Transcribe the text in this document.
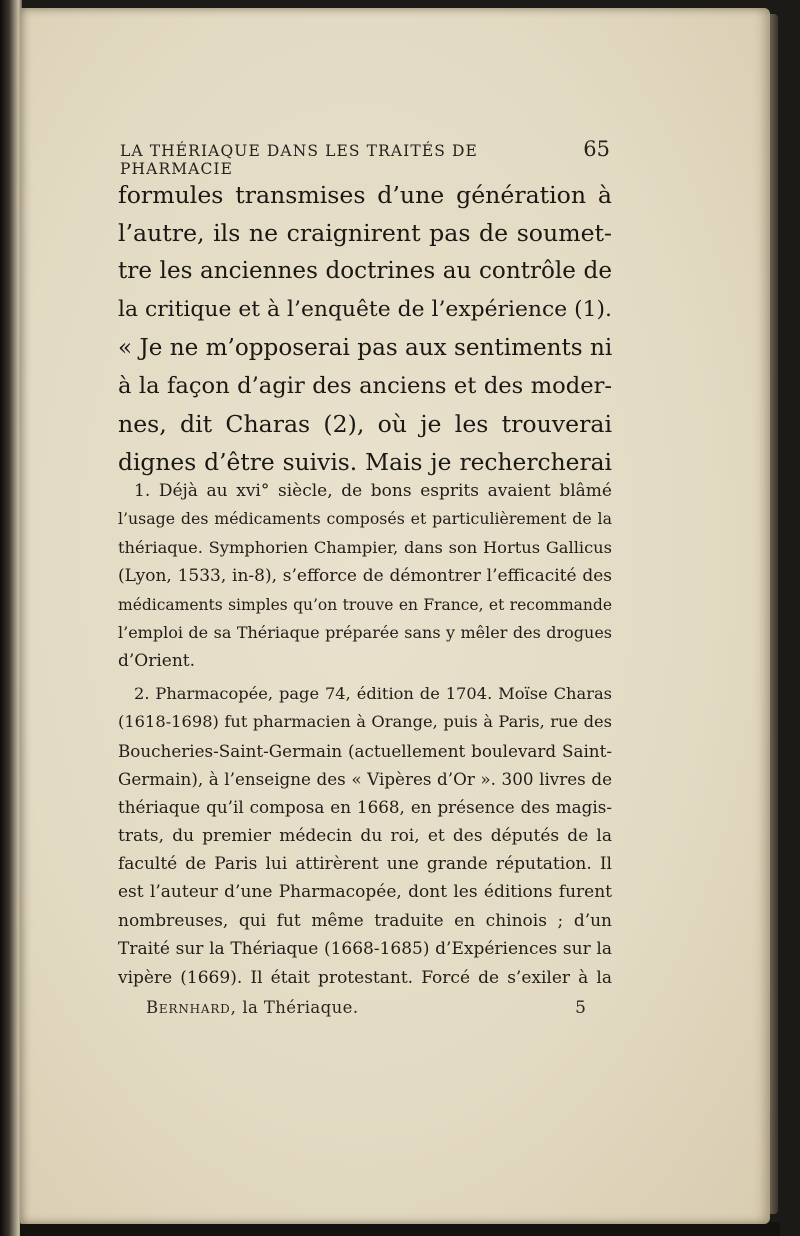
LA THÉRIAQUE DANS LES TRAITÉS DE PHARMACIE
65
formules transmises d’une génération à
l’autre, ils ne craignirent pas de soumet-
tre les anciennes doctrines au contrôle de
la critique et à l’enquête de l’expérience (1).
« Je ne m’opposerai pas aux sentiments ni
à la façon d’agir des anciens et des moder-
nes, dit Charas (2), où je les trouverai
dignes d’être suivis. Mais je rechercherai
1. Déjà au xvi° siècle, de bons esprits avaient blâmé
l’usage des médicaments composés et particulièrement de la
thériaque. Symphorien Champier, dans son Hortus Gallicus
(Lyon, 1533, in-8), s’efforce de démontrer l’efficacité des
médicaments simples qu’on trouve en France, et recommande
l’emploi de sa Thériaque préparée sans y mêler des drogues
d’Orient.
2. Pharmacopée, page 74, édition de 1704. Moïse Charas
(1618-1698) fut pharmacien à Orange, puis à Paris, rue des
Boucheries-Saint-Germain (actuellement boulevard Saint-
Germain), à l’enseigne des « Vipères d’Or ». 300 livres de
thériaque qu’il composa en 1668, en présence des magis-
trats, du premier médecin du roi, et des députés de la
faculté de Paris lui attirèrent une grande réputation. Il
est l’auteur d’une Pharmacopée, dont les éditions furent
nombreuses, qui fut même traduite en chinois ; d’un
Traité sur la Thériaque (1668-1685) d’Expériences sur la
vipère (1669). Il était protestant. Forcé de s’exiler à la
Bernhard, la Thériaque.	5
